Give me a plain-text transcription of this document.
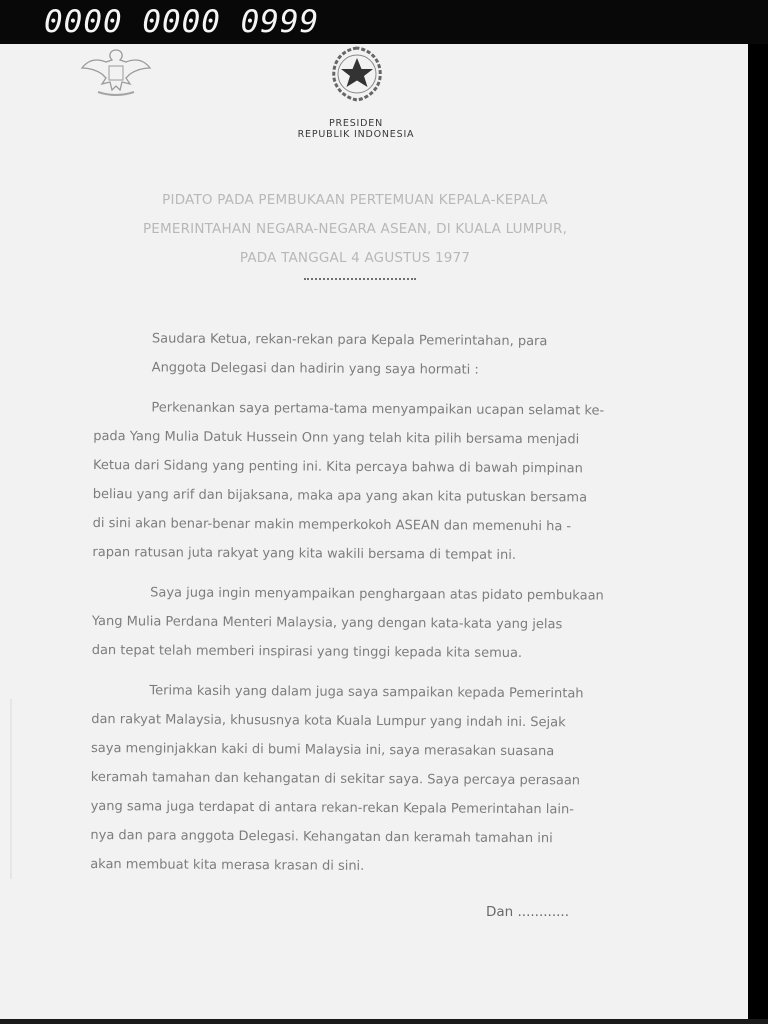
0000 0000 0999
PRESIDEN
REPUBLIK INDONESIA
PIDATO PADA PEMBUKAAN PERTEMUAN KEPALA-KEPALA
PEMERINTAHAN NEGARA-NEGARA ASEAN, DI KUALA LUMPUR,
PADA TANGGAL 4 AGUSTUS 1977
Saudara Ketua, rekan-rekan para Kepala Pemerintahan, para
Anggota Delegasi dan hadirin yang saya hormati :
Perkenankan saya pertama-tama menyampaikan ucapan selamat ke-
pada Yang Mulia Datuk Hussein Onn yang telah kita pilih bersama menjadi
Ketua dari Sidang yang penting ini. Kita percaya bahwa di bawah pimpinan
beliau yang arif dan bijaksana, maka apa yang akan kita putuskan bersama
di sini akan benar-benar makin memperkokoh ASEAN dan memenuhi ha -
rapan ratusan juta rakyat yang kita wakili bersama di tempat ini.
Saya juga ingin menyampaikan penghargaan atas pidato pembukaan
Yang Mulia Perdana Menteri Malaysia, yang dengan kata-kata yang jelas
dan tepat telah memberi inspirasi yang tinggi kepada kita semua.
Terima kasih yang dalam juga saya sampaikan kepada Pemerintah
dan rakyat Malaysia, khususnya kota Kuala Lumpur yang indah ini. Sejak
saya menginjakkan kaki di bumi Malaysia ini, saya merasakan suasana
keramah tamahan dan kehangatan di sekitar saya. Saya percaya perasaan
yang sama juga terdapat di antara rekan-rekan Kepala Pemerintahan lain-
nya dan para anggota Delegasi. Kehangatan dan keramah tamahan ini
akan membuat kita merasa krasan di sini.
Dan ............
